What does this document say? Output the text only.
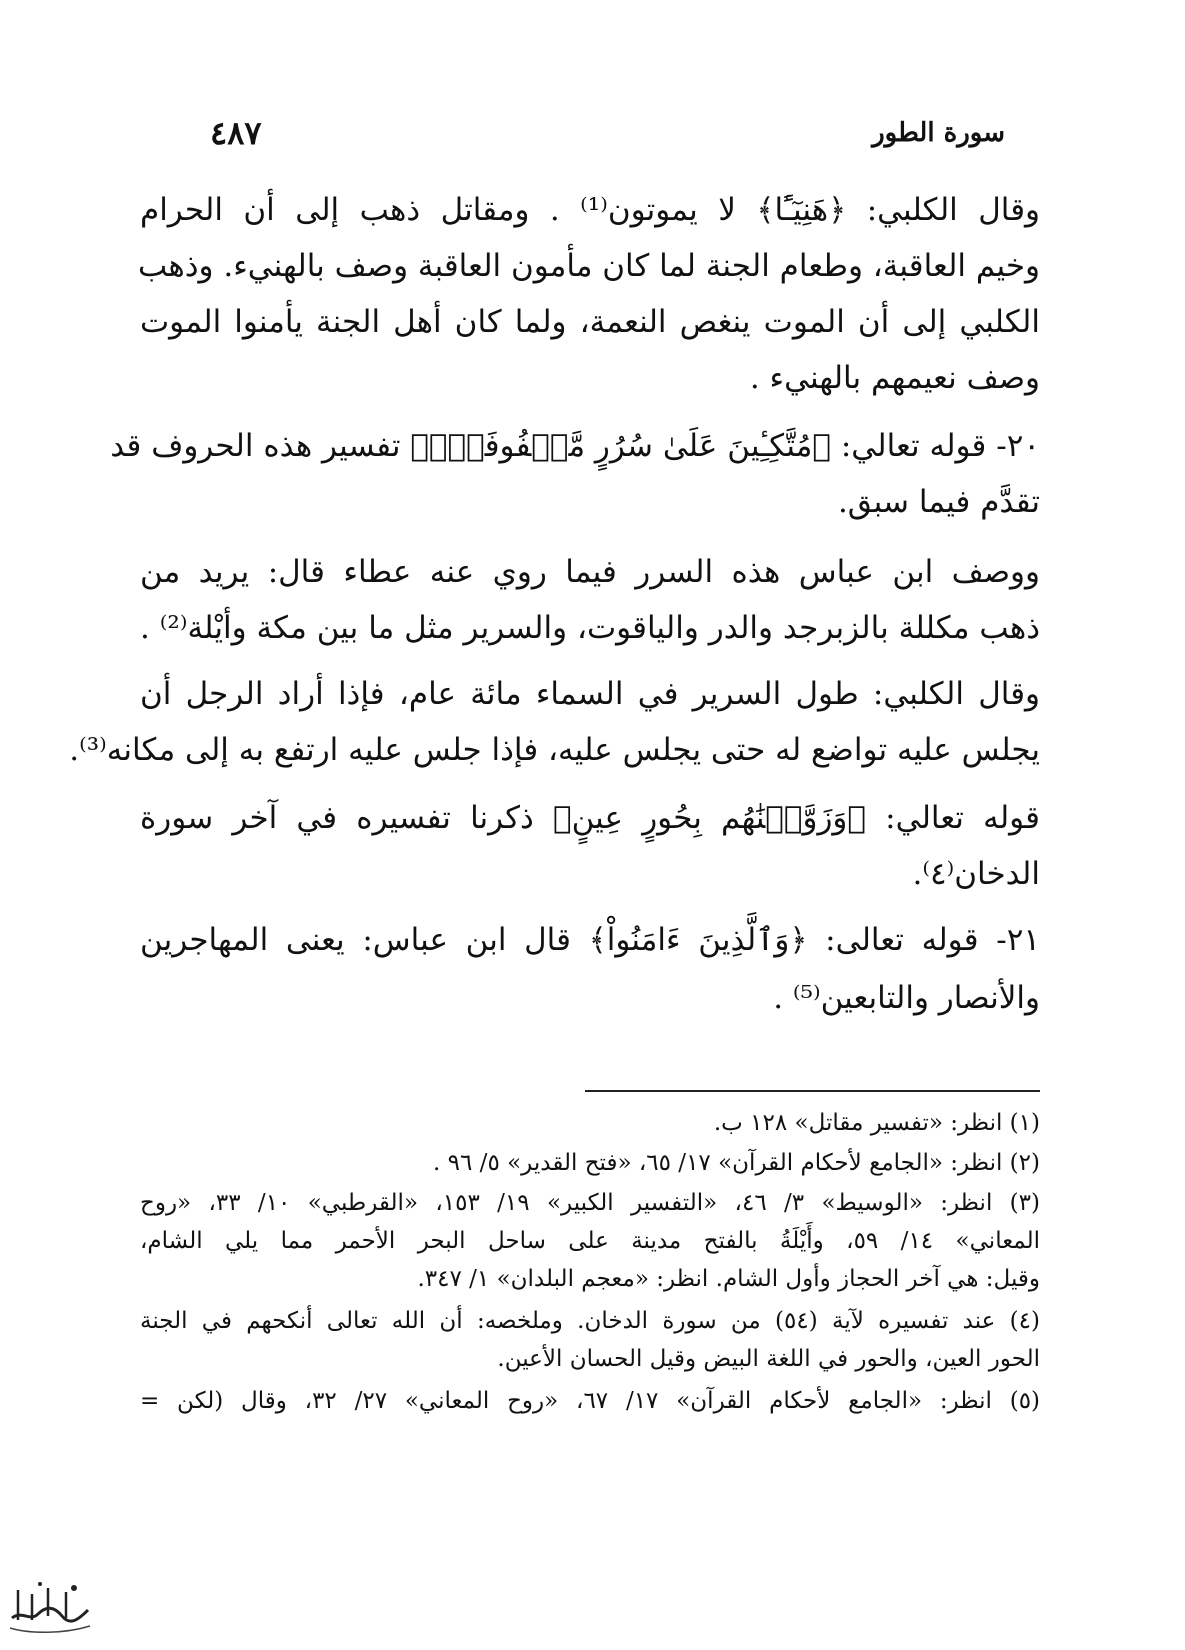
سورة الطور
٤٨٧
وقال الكلبي: ﴿هَنِيٓـًٔا﴾ لا يموتون⁽¹⁾ . ومقاتل ذهب إلى أن الحرام
وخيم العاقبة، وطعام الجنة لما كان مأمون العاقبة وصف بالهنيء. وذهب
الكلبي إلى أن الموت ينغص النعمة، ولما كان أهل الجنة يأمنوا الموت
وصف نعيمهم بالهنيء .
٢٠- قوله تعالي: ﴿مُتَّكِـِٔينَ عَلَىٰ سُرُرٍ مَّصۡفُوفَةٍۖ﴾ تفسير هذه الحروف قد
تقدَّم فيما سبق.
ووصف ابن عباس هذه السرر فيما روي عنه عطاء قال: يريد من
ذهب مكللة بالزبرجد والدر والياقوت، والسرير مثل ما بين مكة وأيْلة⁽²⁾ .
وقال الكلبي: طول السرير في السماء مائة عام، فإذا أراد الرجل أن
يجلس عليه تواضع له حتى يجلس عليه، فإذا جلس عليه ارتفع به إلى مكانه⁽³⁾.
قوله تعالي: ﴿وَزَوَّجۡنَٰهُم بِحُورٍ عِينٍ﴾ ذكرنا تفسيره في آخر سورة
الدخان⁽٤⁾.
٢١- قوله تعالى: ﴿وَٱلَّذِينَ ءَامَنُواْ﴾ قال ابن عباس: يعنى المهاجرين
والأنصار والتابعين⁽⁵⁾ .
(١) انظر: «تفسير مقاتل» ١٢٨ ب.
(٢) انظر: «الجامع لأحكام القرآن» ١٧/ ٦٥، «فتح القدير» ٥/ ٩٦ .
(٣) انظر: «الوسيط» ٣/ ٤٦، «التفسير الكبير» ١٩/ ١٥٣، «القرطبي» ١٠/ ٣٣، «روح
المعاني» ١٤/ ٥٩، وأَيْلَةُ بالفتح مدينة على ساحل البحر الأحمر مما يلي الشام،
وقيل: هي آخر الحجاز وأول الشام. انظر: «معجم البلدان» ١/ ٣٤٧.
(٤) عند تفسيره لآية (٥٤) من سورة الدخان. وملخصه: أن الله تعالى أنكحهم في الجنة
الحور العين، والحور في اللغة البيض وقيل الحسان الأعين.
(٥) انظر: «الجامع لأحكام القرآن» ١٧/ ٦٧، «روح المعاني» ٢٧/ ٣٢، وقال (لكن =
